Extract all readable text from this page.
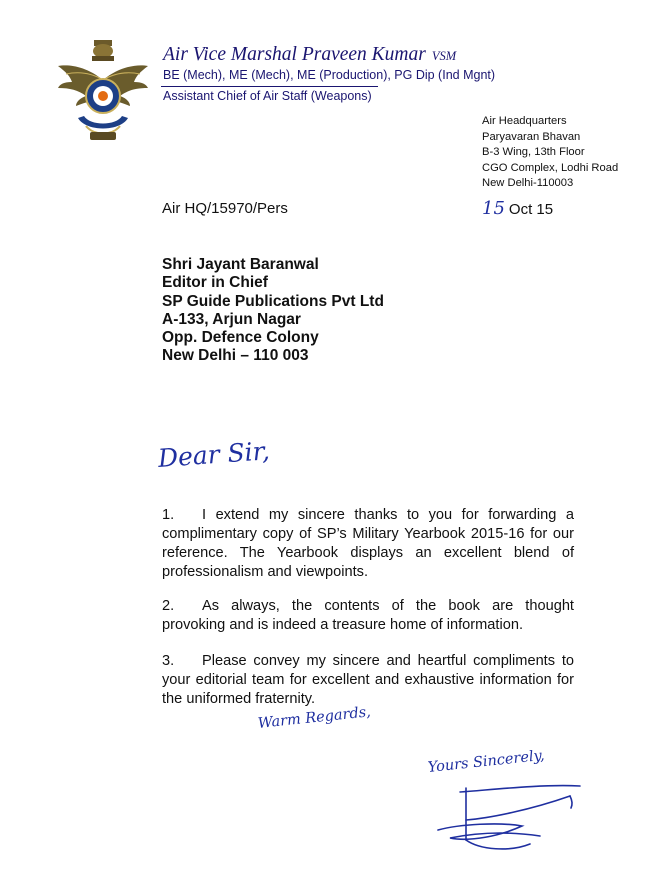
Air Vice Marshal Praveen Kumar VSM
BE (Mech), ME (Mech), ME (Production), PG Dip (Ind Mgnt)
Assistant Chief of Air Staff (Weapons)
Air Headquarters
Paryavaran Bhavan
B-3 Wing, 13th Floor
CGO Complex, Lodhi Road
New Delhi-110003
Air HQ/15970/Pers	15 Oct 15
Shri Jayant Baranwal
Editor in Chief
SP Guide Publications Pvt Ltd
A-133, Arjun Nagar
Opp. Defence Colony
New Delhi – 110 003
Dear Sir,
1. I extend my sincere thanks to you for forwarding a complimentary copy of SP’s Military Yearbook 2015-16 for our reference. The Yearbook displays an excellent blend of professionalism and viewpoints.
2. As always, the contents of the book are thought provoking and is indeed a treasure home of information.
3. Please convey my sincere and heartful compliments to your editorial team for excellent and exhaustive information for the uniformed fraternity.
Warm Regards,
Yours Sincerely,
